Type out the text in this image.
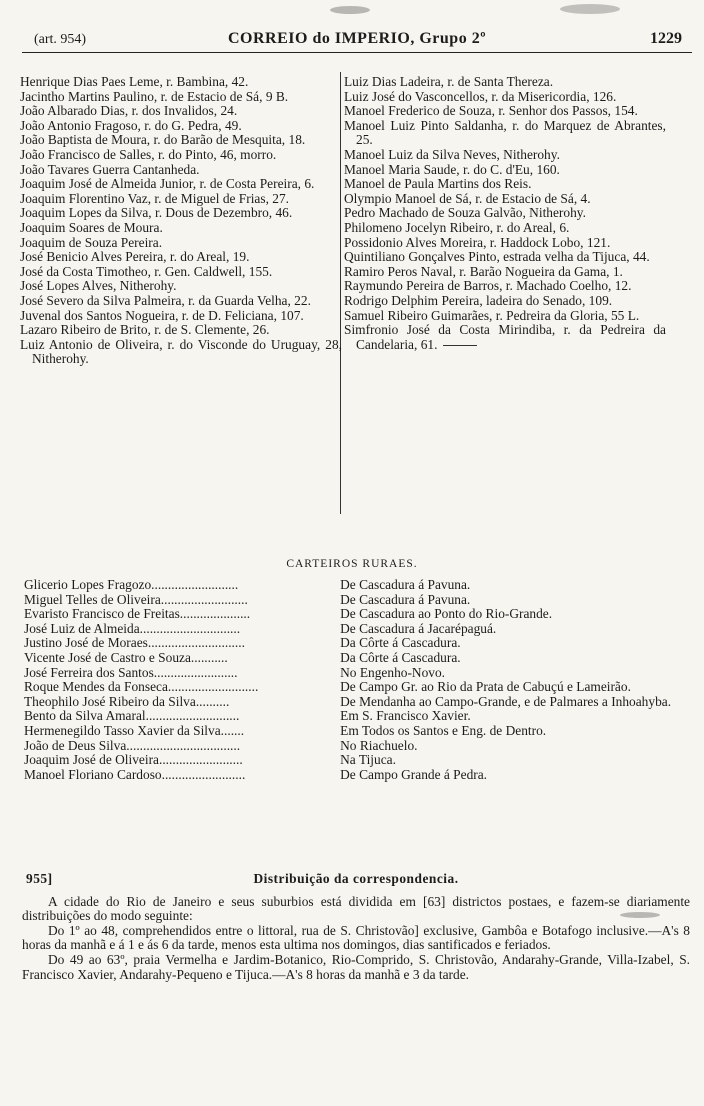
(art. 954)	CORREIO do IMPERIO, Grupo 2º	1229
Henrique Dias Paes Leme, r. Bambina, 42.
Jacintho Martins Paulino, r. de Estacio de Sá, 9 B.
João Albarado Dias, r. dos Invalidos, 24.
João Antonio Fragoso, r. do G. Pedra, 49.
João Baptista de Moura, r. do Barão de Mesquita, 18.
João Francisco de Salles, r. do Pinto, 46, morro.
João Tavares Guerra Cantanheda.
Joaquim José de Almeida Junior, r. de Costa Pereira, 6.
Joaquim Florentino Vaz, r. de Miguel de Frias, 27.
Joaquim Lopes da Silva, r. Dous de Dezembro, 46.
Joaquim Soares de Moura.
Joaquim de Souza Pereira.
José Benicio Alves Pereira, r. do Areal, 19.
José da Costa Timotheo, r. Gen. Caldwell, 155.
José Lopes Alves, Nitherohy.
José Severo da Silva Palmeira, r. da Guarda Velha, 22.
Juvenal dos Santos Nogueira, r. de D. Feliciana, 107.
Lazaro Ribeiro de Brito, r. de S. Clemente, 26.
Luiz Antonio de Oliveira, r. do Visconde do Uruguay, 28, Nitherohy.
Luiz Dias Ladeira, r. de Santa Thereza.
Luiz José do Vasconcellos, r. da Misericordia, 126.
Manoel Frederico de Souza, r. Senhor dos Passos, 154.
Manoel Luiz Pinto Saldanha, r. do Marquez de Abrantes, 25.
Manoel Luiz da Silva Neves, Nitherohy.
Manoel Maria Saude, r. do C. d'Eu, 160.
Manoel de Paula Martins dos Reis.
Olympio Manoel de Sá, r. de Estacio de Sá, 4.
Pedro Machado de Souza Galvão, Nitherohy.
Philomeno Jocelyn Ribeiro, r. do Areal, 6.
Possidonio Alves Moreira, r. Haddock Lobo, 121.
Quintiliano Gonçalves Pinto, estrada velha da Tijuca, 44.
Ramiro Peros Naval, r. Barão Nogueira da Gama, 1.
Raymundo Pereira de Barros, r. Machado Coelho, 12.
Rodrigo Delphim Pereira, ladeira do Senado, 109.
Samuel Ribeiro Guimarães, r. Pedreira da Gloria, 55 L.
Simfronio José da Costa Mirindiba, r. da Pedreira da Candelaria, 61.
CARTEIROS RURAES.
Glicerio Lopes Fragozo..........................	De Cascadura á Pavuna.
Miguel Telles de Oliveira..........................	De Cascadura á Pavuna.
Evaristo Francisco de Freitas.....................	De Cascadura ao Ponto do Rio-Grande.
José Luiz de Almeida..............................	De Cascadura á Jacarépaguá.
Justino José de Moraes.............................	Da Côrte á Cascadura.
Vicente José de Castro e Souza...........	Da Côrte á Cascadura.
José Ferreira dos Santos.........................	No Engenho-Novo.
Roque Mendes da Fonseca...........................	De Campo Gr. ao Rio da Prata de Cabuçú e Lameirão.
Theophilo José Ribeiro da Silva..........	De Mendanha ao Campo-Grande, e de Palmares a Inhoahyba.
Bento da Silva Amaral............................	Em S. Francisco Xavier.
Hermenegildo Tasso Xavier da Silva.......	Em Todos os Santos e Eng. de Dentro.
João de Deus Silva..................................	No Riachuelo.
Joaquim José de Oliveira.........................	Na Tijuca.
Manoel Floriano Cardoso.........................	De Campo Grande á Pedra.
955]	Distribuição da correspondencia.

A cidade do Rio de Janeiro e seus suburbios está dividida em [63] districtos postaes, e fazem-se diariamente distribuições do modo seguinte:

Do 1º ao 48, comprehendidos entre o littoral, rua de S. Christovão] exclusive, Gambôa e Botafogo inclusive.—A's 8 horas da manhã e á 1 e ás 6 da tarde, menos esta ultima nos domingos, dias santificados e feriados.

Do 49 ao 63º, praia Vermelha e Jardim-Botanico, Rio-Comprido, S. Christovão, Andarahy-Grande, Villa-Izabel, S. Francisco Xavier, Andarahy-Pequeno e Tijuca.—A's 8 horas da manhã e 3 da tarde.
